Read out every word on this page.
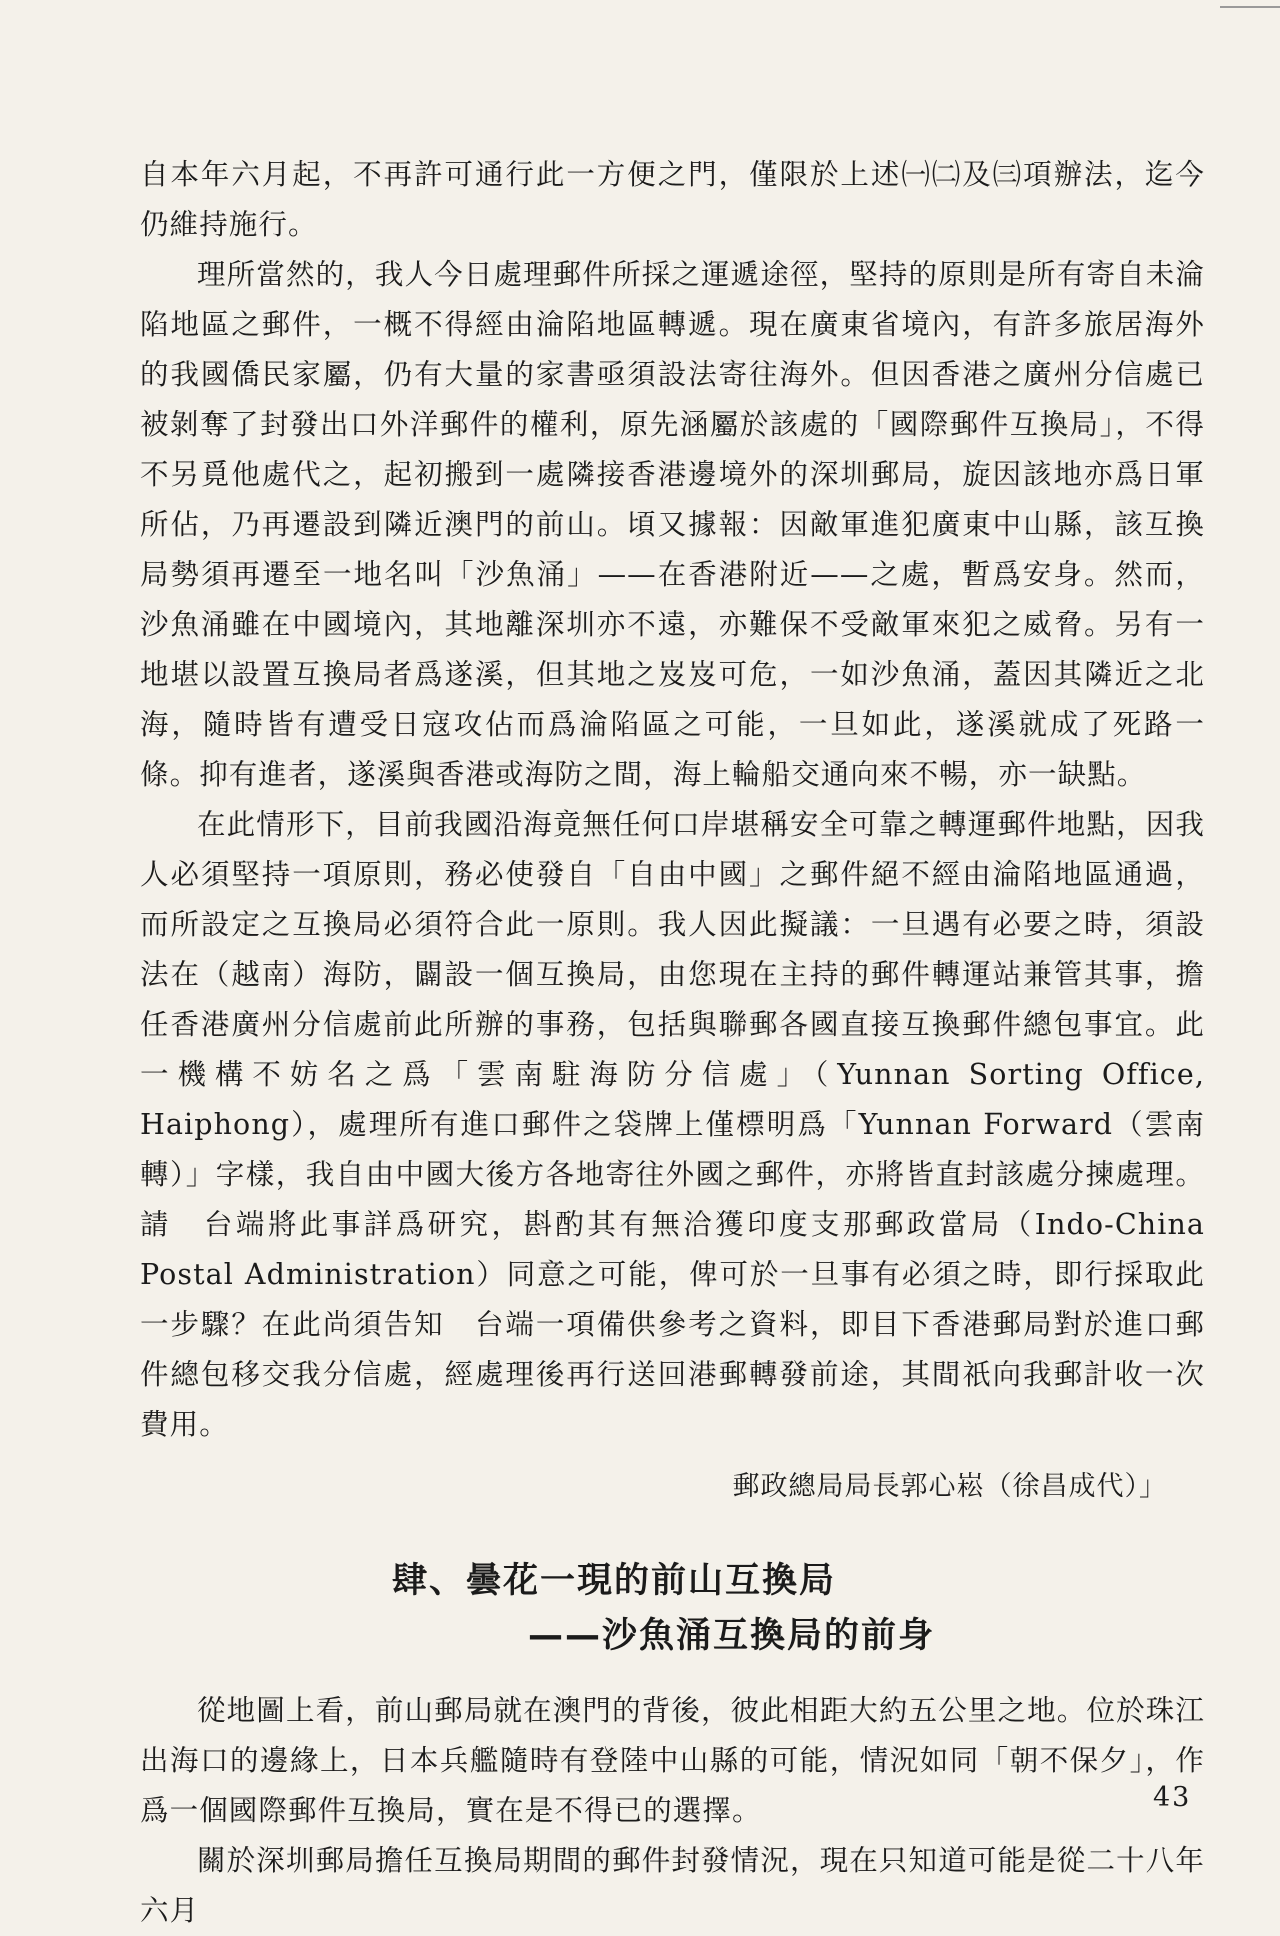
自本年六月起，不再許可通行此一方便之門，僅限於上述㈠㈡及㈢項辦法，迄今仍維持施行。

理所當然的，我人今日處理郵件所採之運遞途徑，堅持的原則是所有寄自未淪陷地區之郵件，一概不得經由淪陷地區轉遞。現在廣東省境內，有許多旅居海外的我國僑民家屬，仍有大量的家書亟須設法寄往海外。但因香港之廣州分信處已被剝奪了封發出口外洋郵件的權利，原先涵屬於該處的「國際郵件互換局」，不得不另覓他處代之，起初搬到一處隣接香港邊境外的深圳郵局，旋因該地亦爲日軍所佔，乃再遷設到隣近澳門的前山。頃又據報：因敵軍進犯廣東中山縣，該互換局勢須再遷至一地名叫「沙魚涌」——在香港附近——之處，暫爲安身。然而，沙魚涌雖在中國境內，其地離深圳亦不遠，亦難保不受敵軍來犯之威脅。另有一地堪以設置互換局者爲遂溪，但其地之岌岌可危，一如沙魚涌，蓋因其隣近之北海，隨時皆有遭受日寇攻佔而爲淪陷區之可能，一旦如此，遂溪就成了死路一條。抑有進者，遂溪與香港或海防之間，海上輪船交通向來不暢，亦一缺點。

在此情形下，目前我國沿海竟無任何口岸堪稱安全可靠之轉運郵件地點，因我人必須堅持一項原則，務必使發自「自由中國」之郵件絕不經由淪陷地區通過，而所設定之互換局必須符合此一原則。我人因此擬議：一旦遇有必要之時，須設法在（越南）海防，闢設一個互換局，由您現在主持的郵件轉運站兼管其事，擔任香港廣州分信處前此所辦的事務，包括與聯郵各國直接互換郵件總包事宜。此一機構不妨名之爲「雲南駐海防分信處」（Yunnan Sorting Office, Haiphong），處理所有進口郵件之袋牌上僅標明爲「Yunnan Forward（雲南轉）」字樣，我自由中國大後方各地寄往外國之郵件，亦將皆直封該處分揀處理。請　台端將此事詳爲研究，斟酌其有無洽獲印度支那郵政當局（Indo-China Postal Administration）同意之可能，俾可於一旦事有必須之時，即行採取此一步驟？在此尚須告知　台端一項備供參考之資料，即目下香港郵局對於進口郵件總包移交我分信處，經處理後再行送回港郵轉發前途，其間祇向我郵計收一次費用。

郵政總局局長郭心崧（徐昌成代）」

肆、曇花一現的前山互換局

——沙魚涌互換局的前身

從地圖上看，前山郵局就在澳門的背後，彼此相距大約五公里之地。位於珠江出海口的邊緣上，日本兵艦隨時有登陸中山縣的可能，情況如同「朝不保夕」，作爲一個國際郵件互換局，實在是不得已的選擇。

關於深圳郵局擔任互換局期間的郵件封發情況，現在只知道可能是從二十八年六月

43
